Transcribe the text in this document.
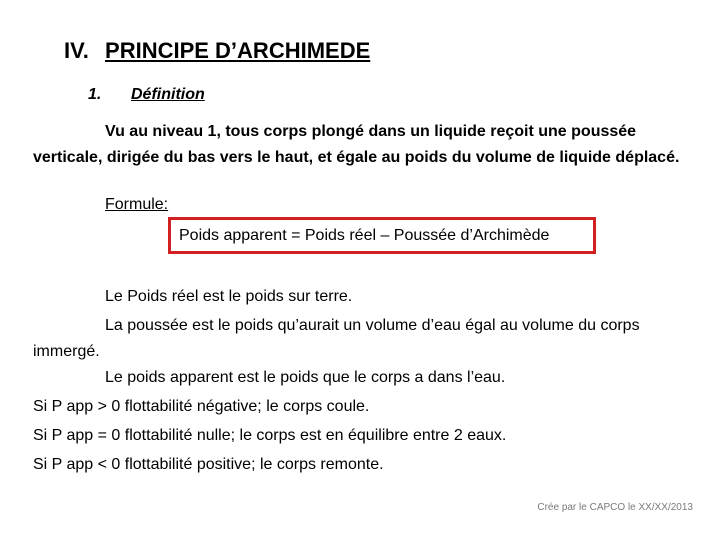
IV. PRINCIPE D’ARCHIMEDE
1. Définition
Vu au niveau 1, tous corps plongé dans un liquide reçoit une poussée verticale, dirigée du bas vers le haut, et égale au poids du volume de liquide déplacé.
Formule:
Poids apparent = Poids réel – Poussée d’Archimède
Le Poids réel est le poids sur terre.
La poussée est le poids qu’aurait un volume d’eau égal au volume du corps immergé.
Le poids apparent est le poids que le corps a dans l’eau.
Si P app > 0 flottabilité négative; le corps coule.
Si P app = 0 flottabilité nulle; le corps est en équilibre entre 2 eaux.
Si P app < 0 flottabilité positive; le corps remonte.
Crée par le CAPCO le XX/XX/2013
